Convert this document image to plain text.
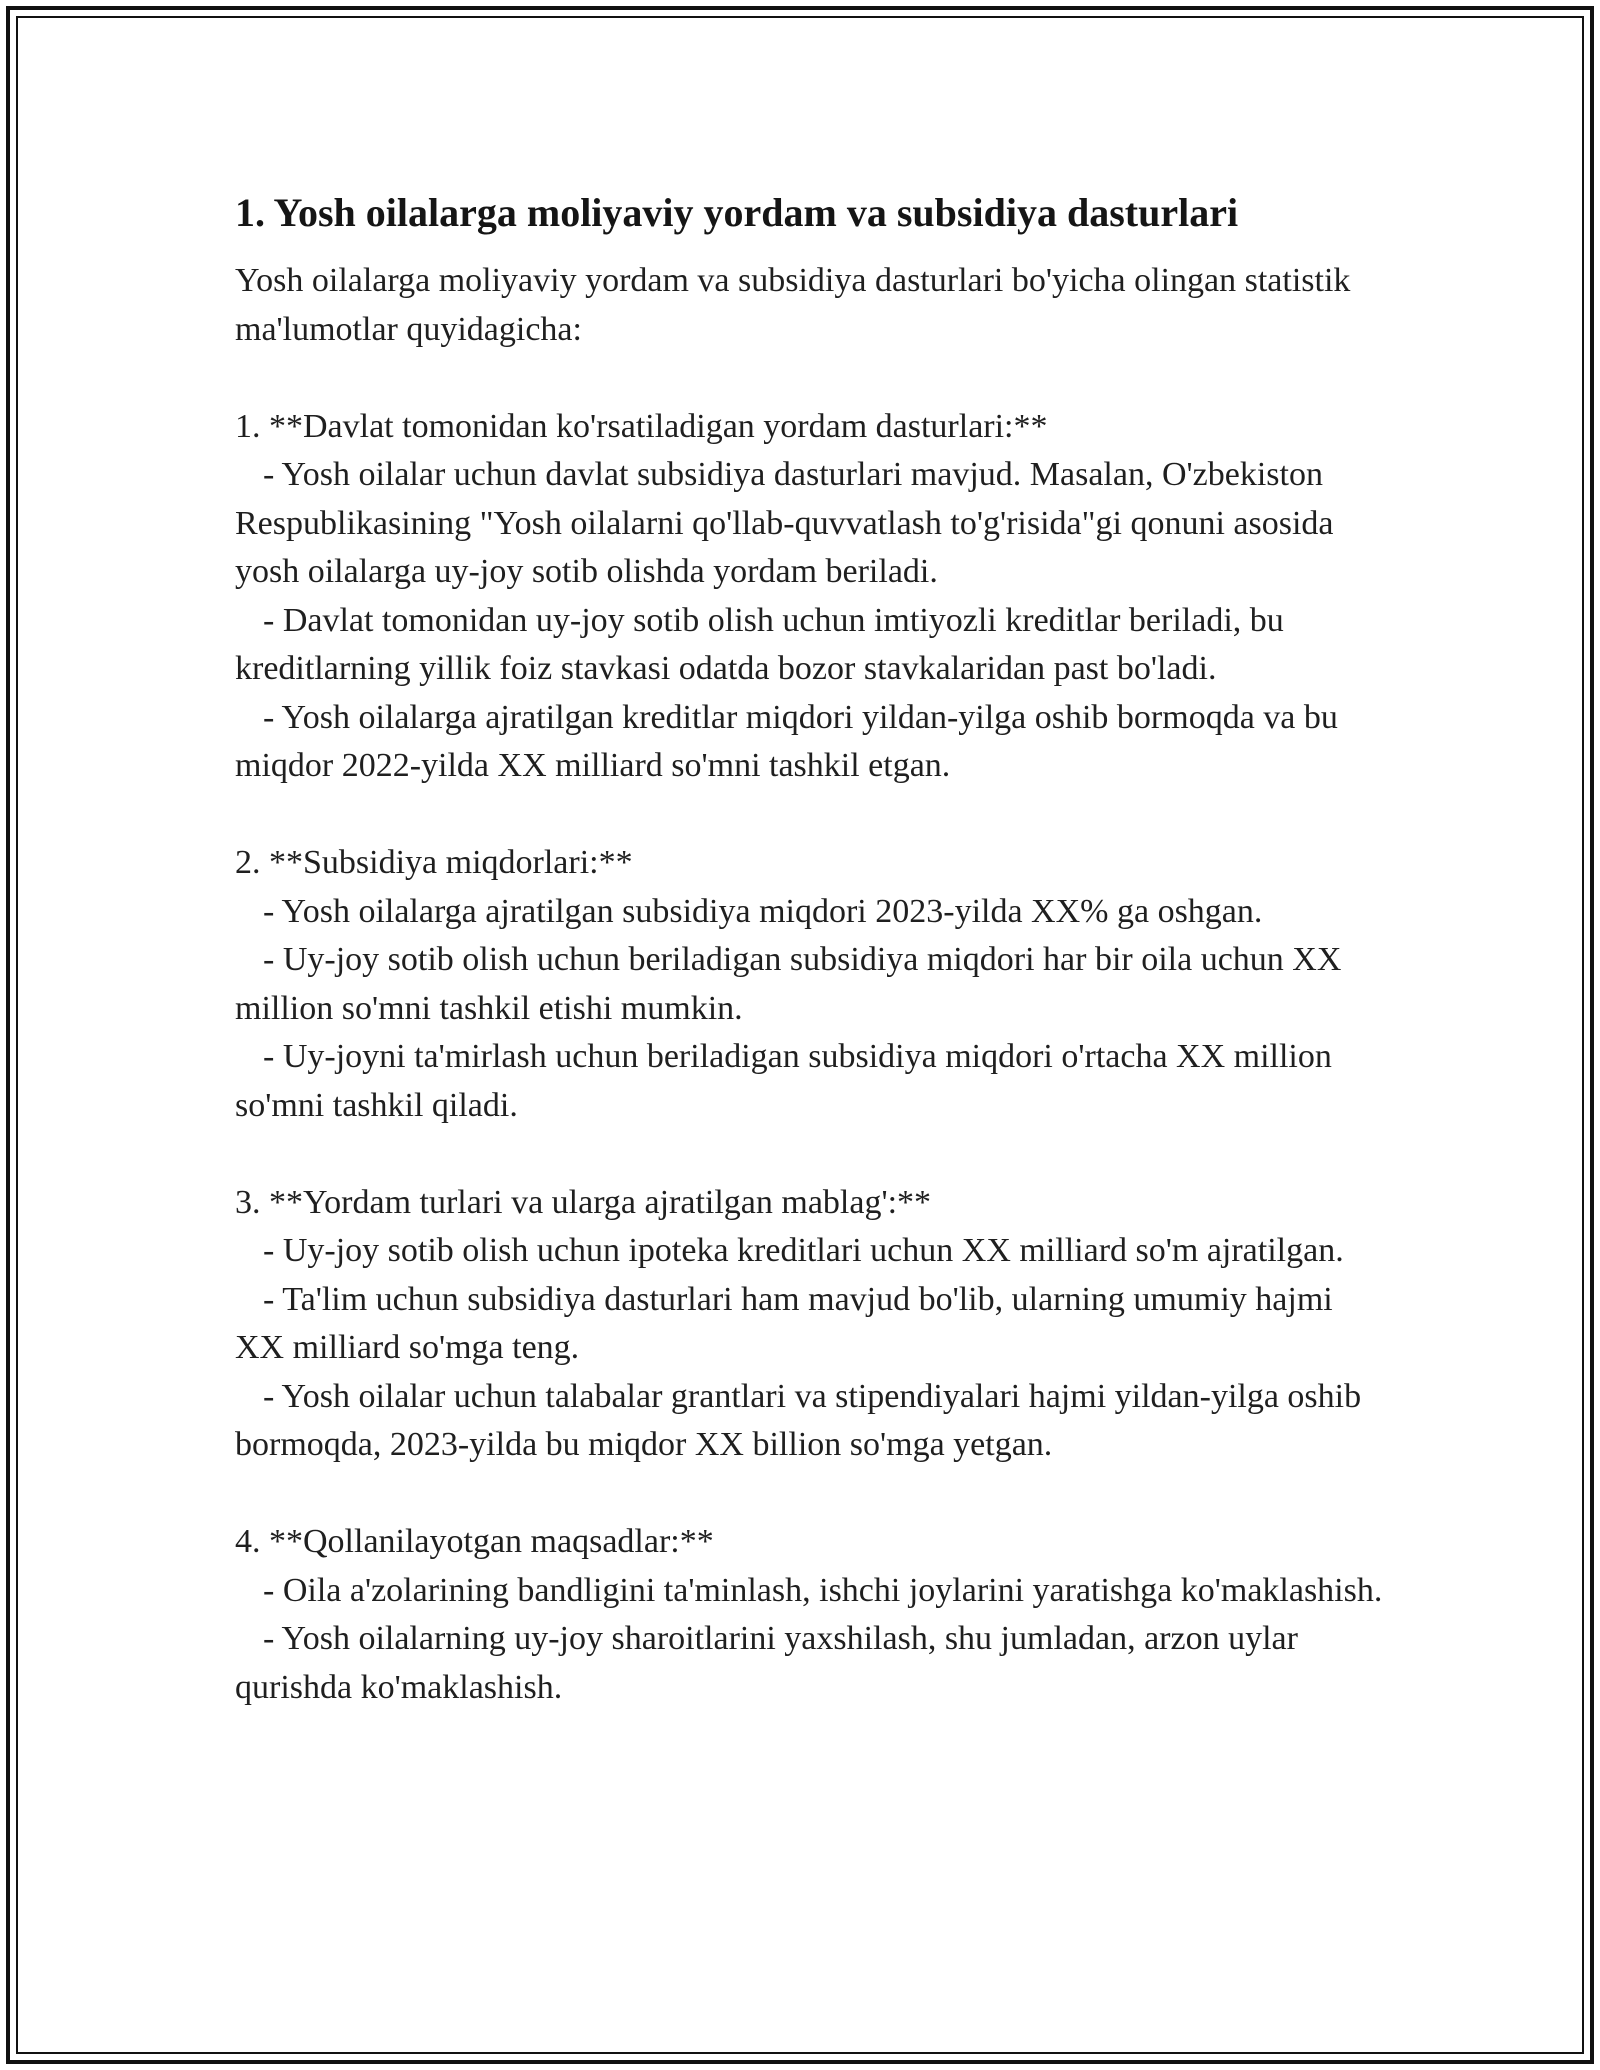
1. Yosh oilalarga moliyaviy yordam va subsidiya dasturlari

Yosh oilalarga moliyaviy yordam va subsidiya dasturlari bo'yicha olingan statistik ma'lumotlar quyidagicha:

1. **Davlat tomonidan ko'rsatiladigan yordam dasturlari:**

- Yosh oilalar uchun davlat subsidiya dasturlari mavjud. Masalan, O'zbekiston Respublikasining "Yosh oilalarni qo'llab-quvvatlash to'g'risida"gi qonuni asosida yosh oilalarga uy-joy sotib olishda yordam beriladi.

- Davlat tomonidan uy-joy sotib olish uchun imtiyozli kreditlar beriladi, bu kreditlarning yillik foiz stavkasi odatda bozor stavkalaridan past bo'ladi.

- Yosh oilalarga ajratilgan kreditlar miqdori yildan-yilga oshib bormoqda va bu miqdor 2022-yilda XX milliard so'mni tashkil etgan.

2. **Subsidiya miqdorlari:**

- Yosh oilalarga ajratilgan subsidiya miqdori 2023-yilda XX% ga oshgan.

- Uy-joy sotib olish uchun beriladigan subsidiya miqdori har bir oila uchun XX million so'mni tashkil etishi mumkin.

- Uy-joyni ta'mirlash uchun beriladigan subsidiya miqdori o'rtacha XX million so'mni tashkil qiladi.

3. **Yordam turlari va ularga ajratilgan mablag':**

- Uy-joy sotib olish uchun ipoteka kreditlari uchun XX milliard so'm ajratilgan.

- Ta'lim uchun subsidiya dasturlari ham mavjud bo'lib, ularning umumiy hajmi XX milliard so'mga teng.

- Yosh oilalar uchun talabalar grantlari va stipendiyalari hajmi yildan-yilga oshib bormoqda, 2023-yilda bu miqdor XX billion so'mga yetgan.

4. **Qollanilayotgan maqsadlar:**

- Oila a'zolarining bandligini ta'minlash, ishchi joylarini yaratishga ko'maklashish.

- Yosh oilalarning uy-joy sharoitlarini yaxshilash, shu jumladan, arzon uylar qurishda ko'maklashish.
